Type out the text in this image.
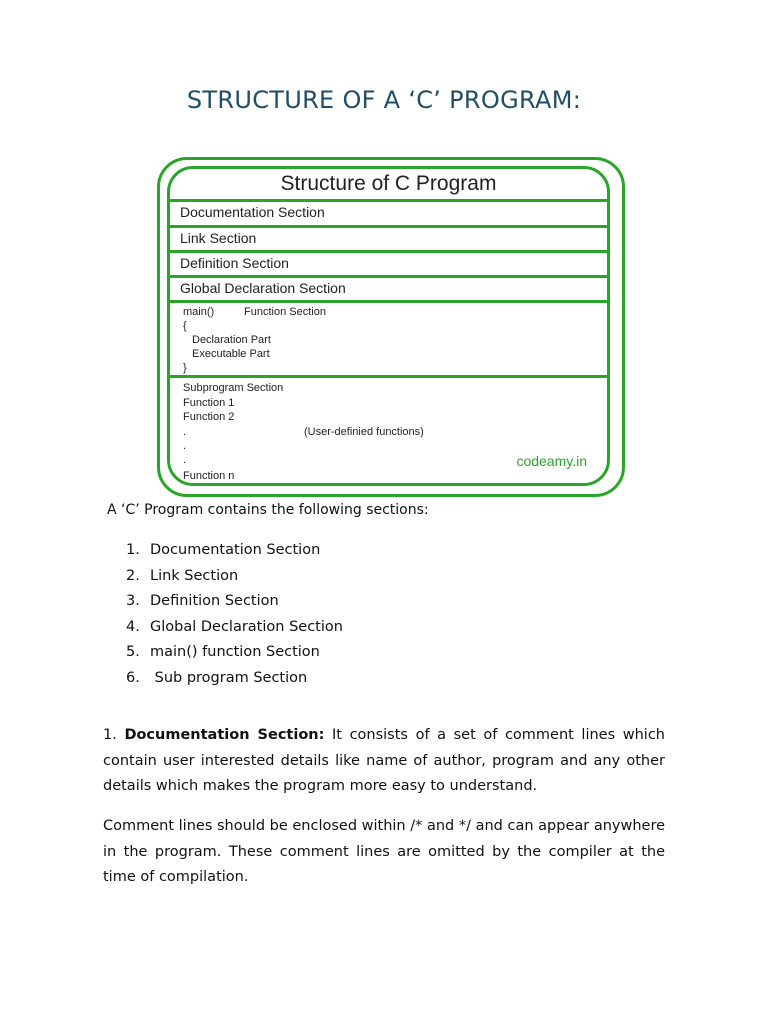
STRUCTURE OF A ‘C’ PROGRAM:
Structure of C Program
Documentation Section
Link Section
Definition Section
Global Declaration Section
main()	Function Section
{
Declaration Part
Executable Part
}
Subprogram Section
Function 1
Function 2
.	(User-definied functions)
.
.
Function n
codeamy.in
A ‘C’ Program contains the following sections:
1. Documentation Section
2. Link Section
3. Definition Section
4. Global Declaration Section
5. main() function Section
6. Sub program Section

1. Documentation Section: It consists of a set of comment lines which contain user interested details like name of author, program and any other details which makes the program more easy to understand.

Comment lines should be enclosed within /* and */ and can appear anywhere in the program. These comment lines are omitted by the compiler at the time of compilation.
